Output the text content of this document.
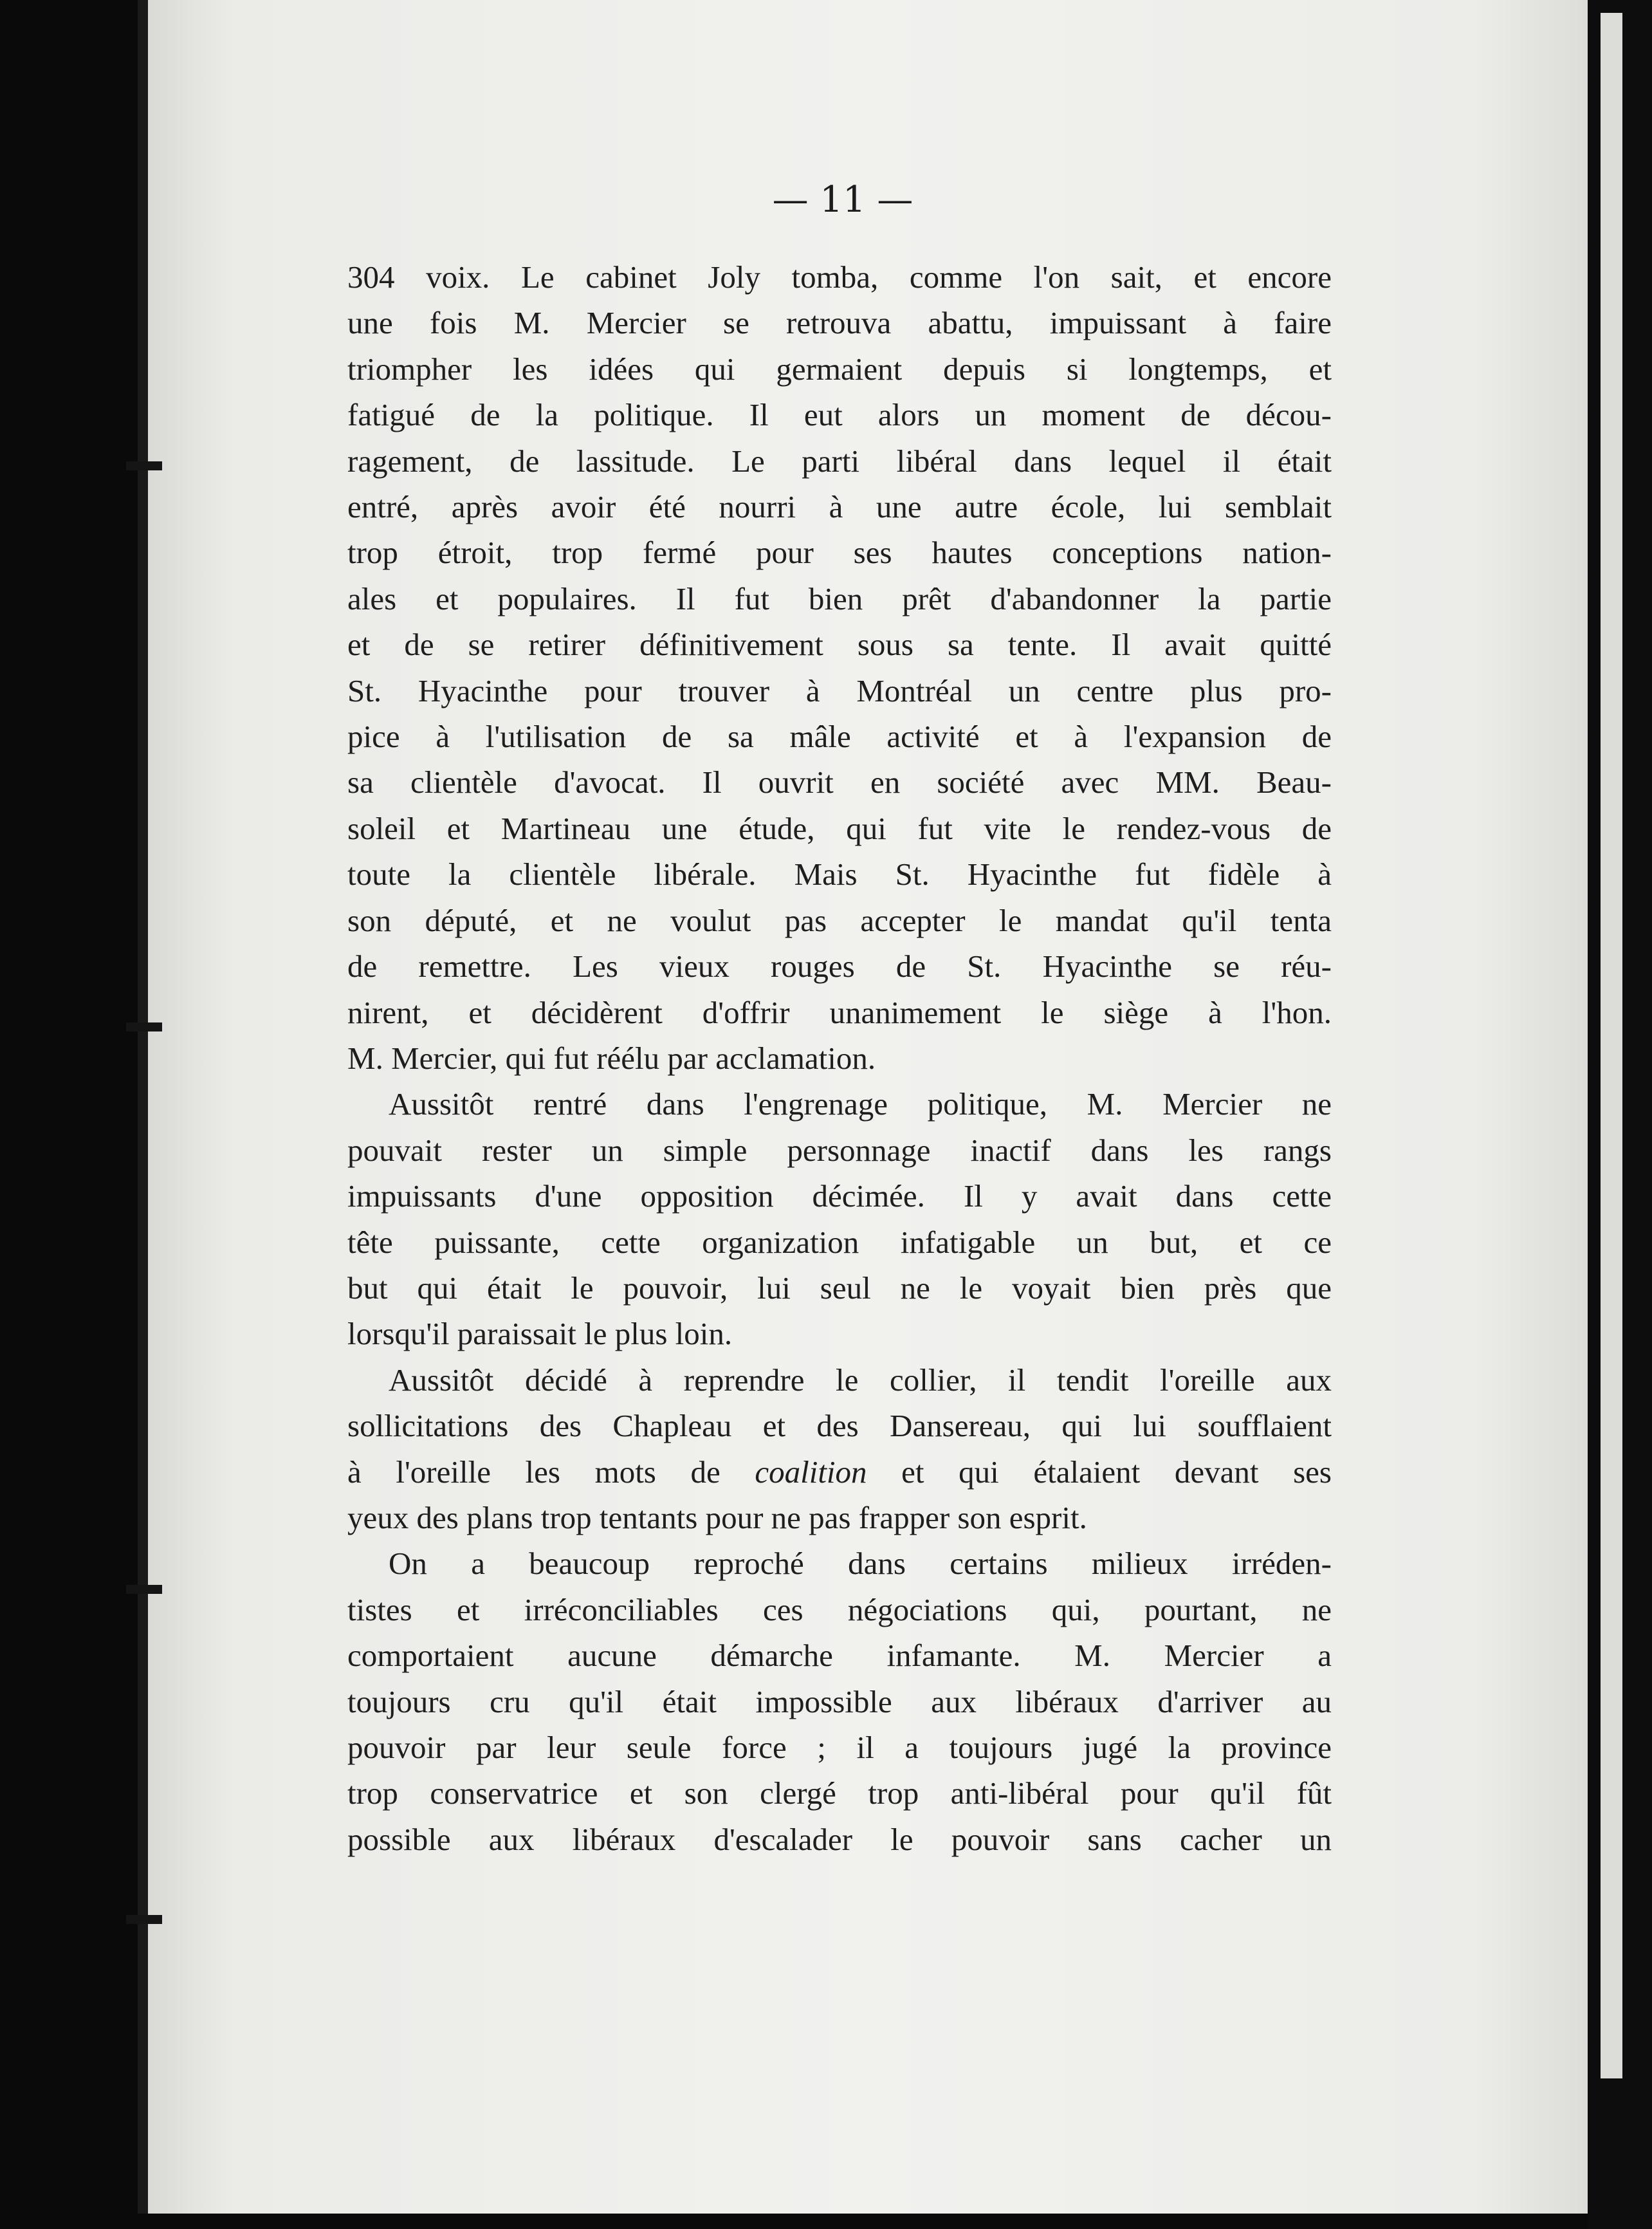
— 11 —
304 voix. Le cabinet Joly tomba, comme l'on sait, et encore
une fois M. Mercier se retrouva abattu, impuissant à faire
triompher les idées qui germaient depuis si longtemps, et
fatigué de la politique. Il eut alors un moment de décou-
ragement, de lassitude. Le parti libéral dans lequel il était
entré, après avoir été nourri à une autre école, lui semblait
trop étroit, trop fermé pour ses hautes conceptions nation-
ales et populaires. Il fut bien prêt d'abandonner la partie
et de se retirer définitivement sous sa tente. Il avait quitté
St. Hyacinthe pour trouver à Montréal un centre plus pro-
pice à l'utilisation de sa mâle activité et à l'expansion de
sa clientèle d'avocat. Il ouvrit en société avec MM. Beau-
soleil et Martineau une étude, qui fut vite le rendez-vous de
toute la clientèle libérale. Mais St. Hyacinthe fut fidèle à
son député, et ne voulut pas accepter le mandat qu'il tenta
de remettre. Les vieux rouges de St. Hyacinthe se réu-
nirent, et décidèrent d'offrir unanimement le siège à l'hon.
M. Mercier, qui fut réélu par acclamation.
Aussitôt rentré dans l'engrenage politique, M. Mercier ne
pouvait rester un simple personnage inactif dans les rangs
impuissants d'une opposition décimée. Il y avait dans cette
tête puissante, cette organization infatigable un but, et ce
but qui était le pouvoir, lui seul ne le voyait bien près que
lorsqu'il paraissait le plus loin.
Aussitôt décidé à reprendre le collier, il tendit l'oreille aux
sollicitations des Chapleau et des Dansereau, qui lui soufflaient
à l'oreille les mots de coalition et qui étalaient devant ses
yeux des plans trop tentants pour ne pas frapper son esprit.
On a beaucoup reproché dans certains milieux irréden-
tistes et irréconciliables ces négociations qui, pourtant, ne
comportaient aucune démarche infamante. M. Mercier a
toujours cru qu'il était impossible aux libéraux d'arriver au
pouvoir par leur seule force ; il a toujours jugé la province
trop conservatrice et son clergé trop anti-libéral pour qu'il fût
possible aux libéraux d'escalader le pouvoir sans cacher un
